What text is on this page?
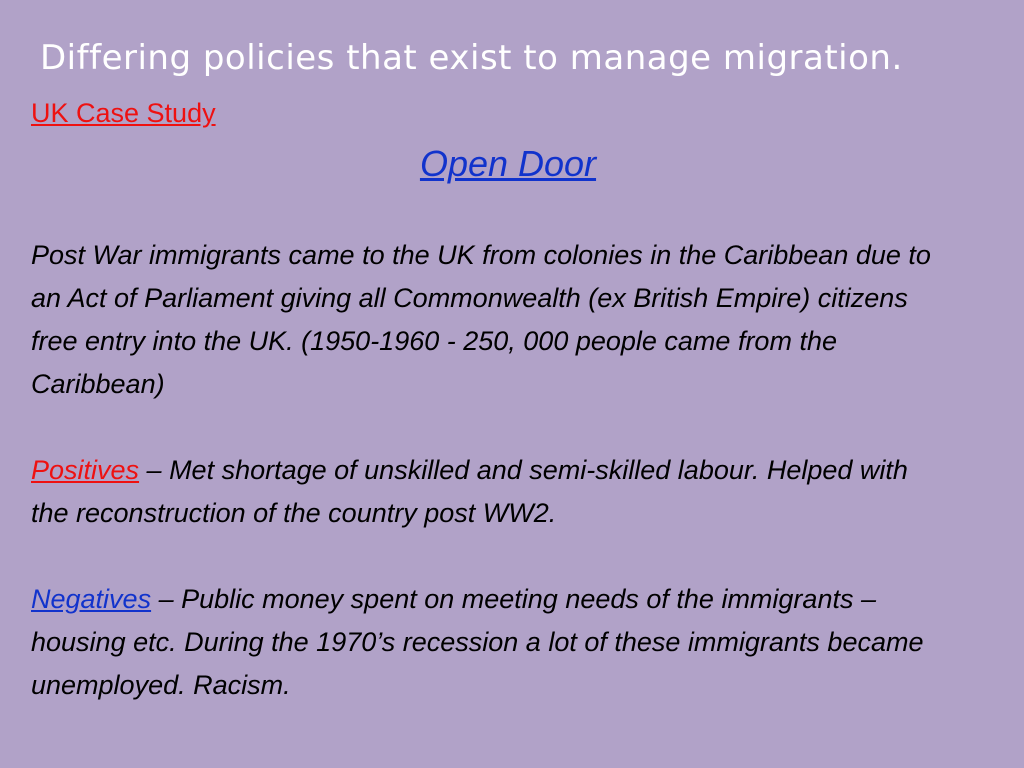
Differing policies that exist to manage migration.
UK Case Study
Open Door

Post War immigrants came to the UK from colonies in the Caribbean due to an Act of Parliament giving all Commonwealth (ex British Empire) citizens free entry into the UK. (1950-1960 - 250, 000 people came from the Caribbean)

Positives – Met shortage of unskilled and semi-skilled labour. Helped with the reconstruction of the country post WW2.

Negatives – Public money spent on meeting needs of the immigrants – housing etc. During the 1970’s recession a lot of these immigrants became unemployed. Racism.
